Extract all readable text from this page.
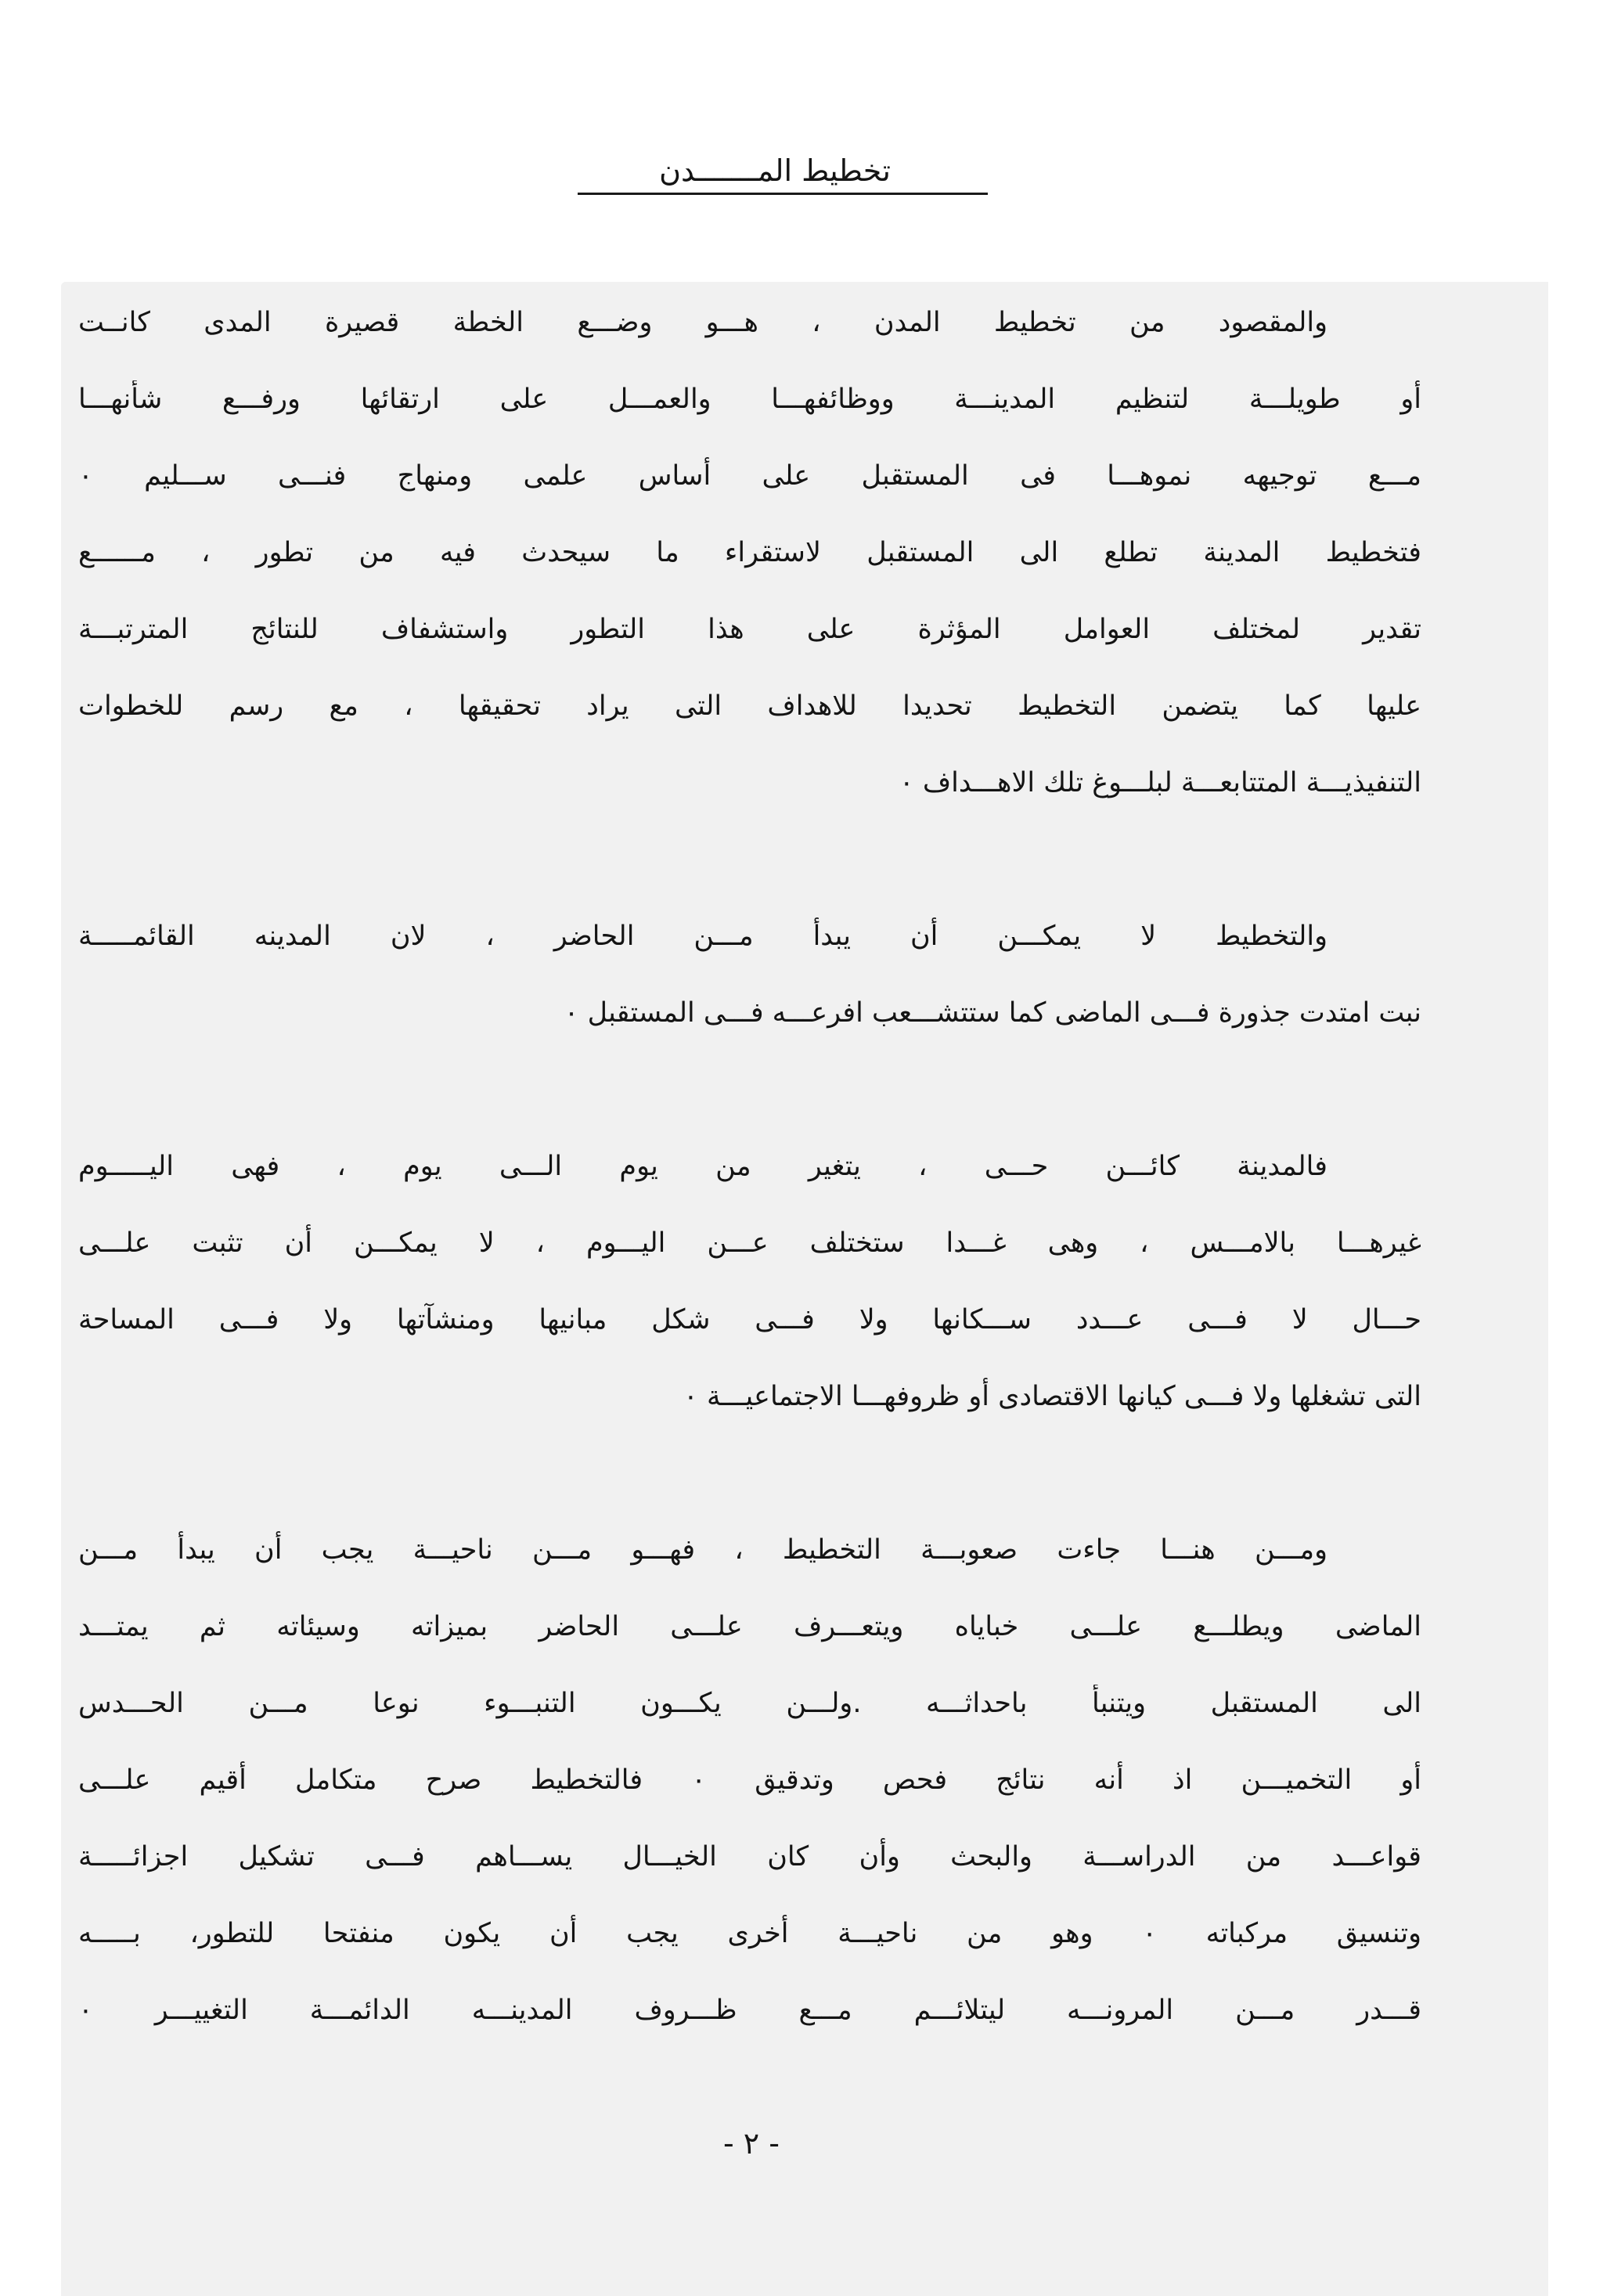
تخطيط المـــــــدن
والمقصود من تخطيط المدن ، هـــو وضـــع الخطة قصيرة المدى كانــت
أو طويلـــة لتنظيم المدينـــة ووظائفهـــا والعمـــل على ارتقائها ورفـــع شأنهـــا
مـــع توجيهه نموهـــا فى المستقبل على أساس علمى ومنهاج فنـــى ســـليم ٠
فتخطيط المدينة تطلع الى المستقبل لاستقراء ما سيحدث فيه من تطور ، مــــــع
تقدير لمختلف العوامل المؤثرة على هذا التطور واستشفاف للنتائج المترتبـــة
عليها كما يتضمن التخطيط تحديدا للاهداف التى يراد تحقيقها ، مع رسم للخطوات
التنفيذيـــة المتتابعـــة لبلـــوغ تلك الاهـــداف ٠
والتخطيط لا يمكـــن أن يبدأ مـــن الحاضر ، لان المدينه القائمـــــة
نبت امتدت جذورة فـــى الماضى كما ستتشـــعب افرعـــه فـــى المستقبل ٠
فالمدينة كائـــن حـــى ، يتغير من يوم الـــى يوم ، فهى اليـــــوم
غيرهـــا بالامـــس ، وهى غـــدا ستختلف عـــن اليـــوم ، لا يمكـــن أن تثبت علـــى
حـــال لا فـــى عـــدد ســـكانها ولا فـــى شكل مبانيها ومنشآتها ولا فـــى المساحة
التى تشغلها ولا فـــى كيانها الاقتصادى أو ظروفهـــا الاجتماعيـــة ٠
ومـــن هنـــا جاءت صعوبـــة التخطيط ، فهـــو مـــن ناحيـــة يجب أن يبدأ مـــن
الماضى ويطلـــع علـــى خباياه ويتعـــرف علـــى الحاضر بميزاته وسيئاته ثم يمتـــد
الى المستقبل ويتنبأ باحداثـــه .ولـــن يكـــون التنبـــوء نوعا مـــن الحـــدس
أو التخميـــن اذ أنه نتائج فحص وتدقيق ٠ فالتخطيط صرح متكامل أقيم علـــى
قواعـــد من الدراســـة والبحث وأن كان الخيـــال يســـاهم فـــى تشكيل اجزائـــــة
وتنسيق مركباته ٠ وهو من ناحيـــة أخرى يجب أن يكون منفتحا للتطور، بـــــه
قـــدر مـــن المرونـــه ليتلائـــم مـــع ظـــروف المدينـــه الدائمـــة التغييـــر ٠
- ٢ -
